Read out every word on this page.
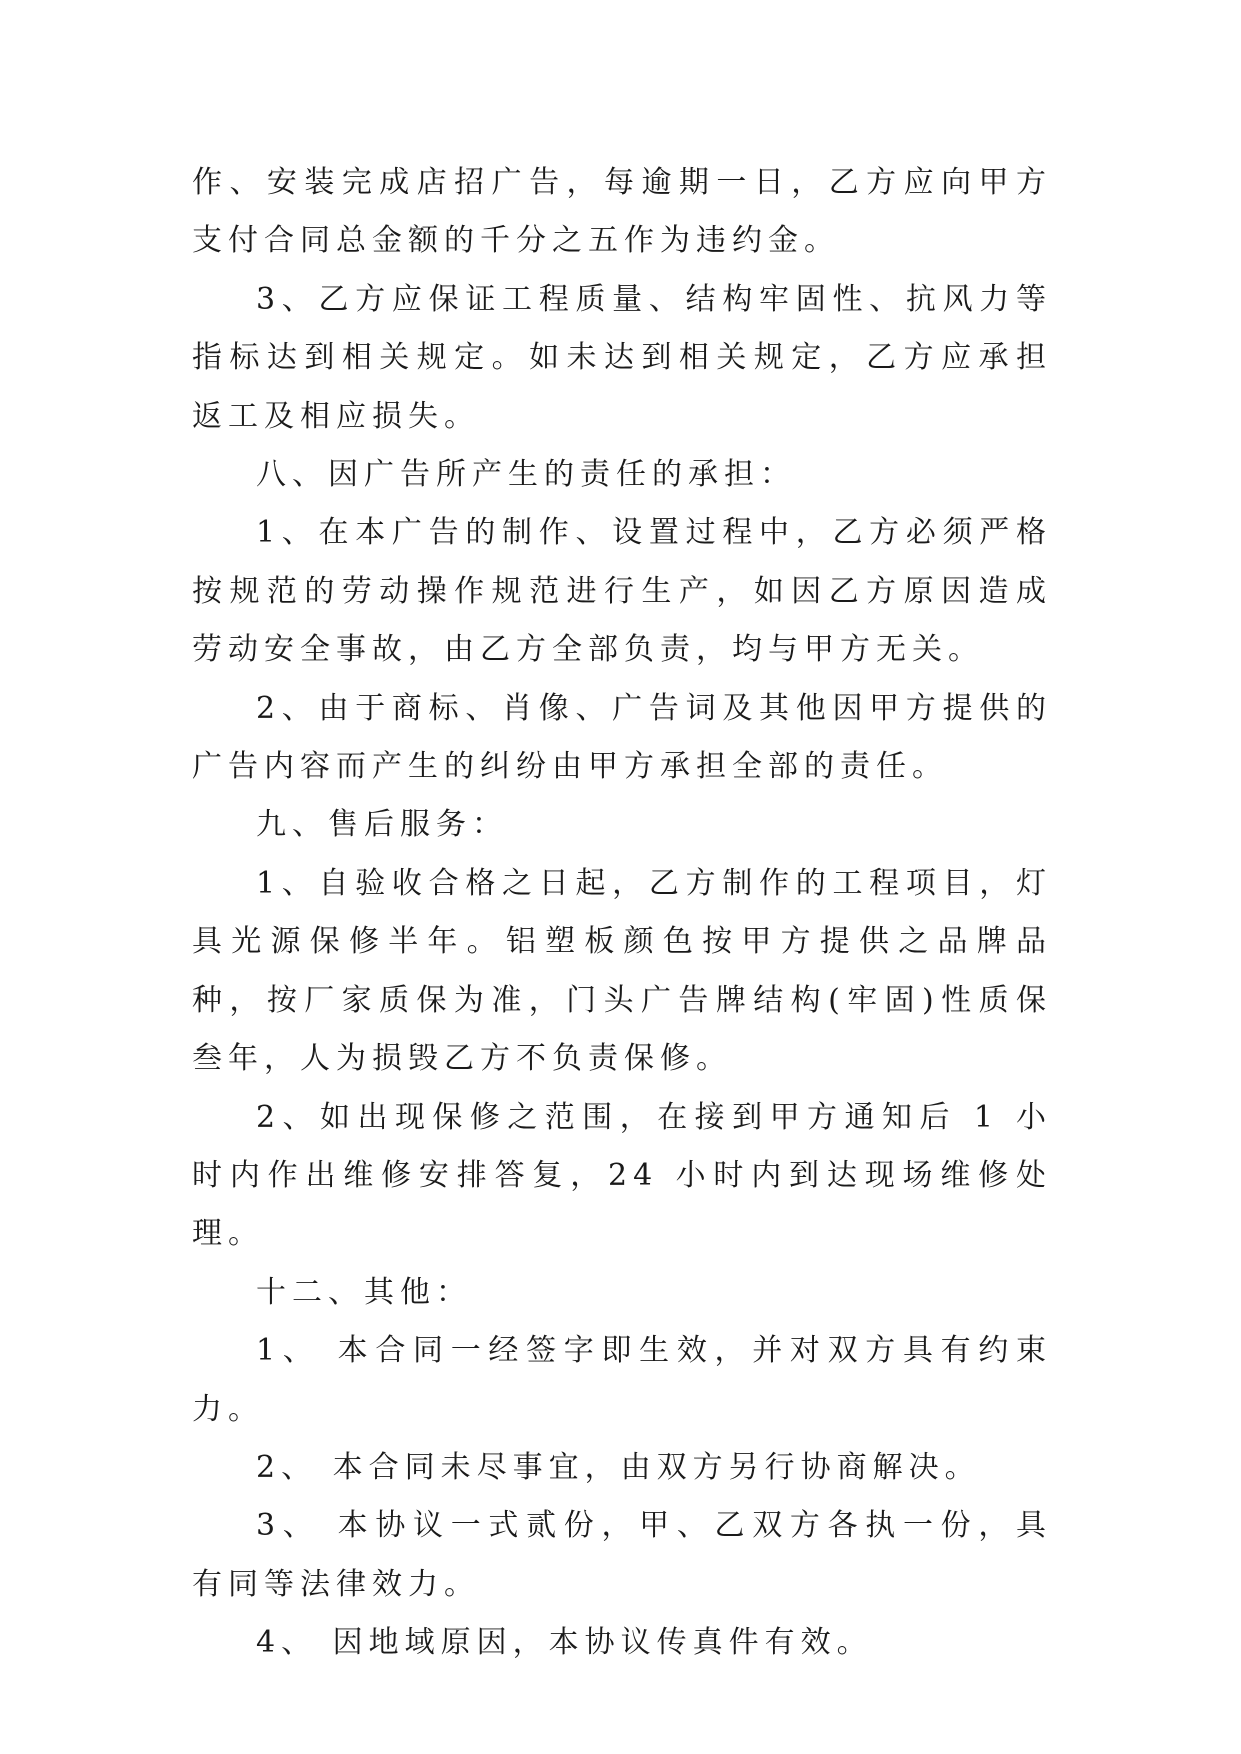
作、安装完成店招广告，每逾期一日，乙方应向甲方支付合同总金额的千分之五作为违约金。

3、乙方应保证工程质量、结构牢固性、抗风力等指标达到相关规定。如未达到相关规定，乙方应承担返工及相应损失。

八、因广告所产生的责任的承担：

1、在本广告的制作、设置过程中，乙方必须严格按规范的劳动操作规范进行生产，如因乙方原因造成劳动安全事故，由乙方全部负责，均与甲方无关。

2、由于商标、肖像、广告词及其他因甲方提供的广告内容而产生的纠纷由甲方承担全部的责任。

九、售后服务：

1、自验收合格之日起，乙方制作的工程项目，灯具光源保修半年。铝塑板颜色按甲方提供之品牌品种，按厂家质保为准，门头广告牌结构(牢固)性质保叁年，人为损毁乙方不负责保修。

2、如出现保修之范围，在接到甲方通知后 1 小时内作出维修安排答复，24 小时内到达现场维修处理。

十二、其他：

1、 本合同一经签字即生效，并对双方具有约束力。

2、 本合同未尽事宜，由双方另行协商解决。

3、 本协议一式贰份，甲、乙双方各执一份，具有同等法律效力。

4、 因地域原因，本协议传真件有效。
